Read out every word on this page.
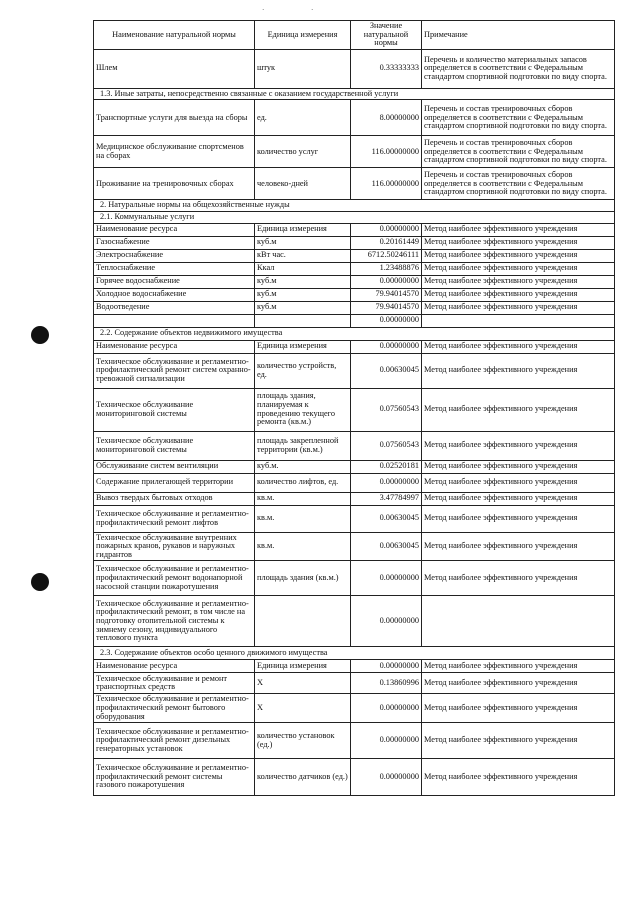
·	·
Наименование натуральной нормы	Единица измерения	Значение натуральной нормы	Примечание
Шлем	штук	0.33333333	Перечень и количество материальных запасов определяется в соответствии с Федеральным стандартом спортивной подготовки по виду спорта.
1.3. Иные затраты, непосредственно связанные с оказанием государственной услуги			
Транспортные услуги для выезда на сборы	ед.	8.00000000	Перечень и состав тренировочных сборов определяется в соответствии с Федеральным стандартом спортивной подготовки по виду спорта.
Медицинское обслуживание спортсменов на сборах	количество услуг	116.00000000	Перечень и состав тренировочных сборов определяется в соответствии с Федеральным стандартом спортивной подготовки по виду спорта.
Проживание на тренировочных сборах	человеко-дней	116.00000000	Перечень и состав тренировочных сборов определяется в соответствии с Федеральным стандартом спортивной подготовки по виду спорта.
2. Натуральные нормы на общехозяйственные нужды			
2.1. Коммунальные услуги			
Наименование ресурса	Единица измерения	0.00000000	Метод наиболее эффективного учреждения
Газоснабжение	куб.м	0.20161449	Метод наиболее эффективного учреждения
Электроснабжение	кВт час.	6712.50246111	Метод наиболее эффективного учреждения
Теплоснабжение	Ккал	1.23488876	Метод наиболее эффективного учреждения
Горячее водоснабжение	куб.м	0.00000000	Метод наиболее эффективного учреждения
Холодное водоснабжение	куб.м	79.94014570	Метод наиболее эффективного учреждения
Водоотведение	куб.м	79.94014570	Метод наиболее эффективного учреждения
		0.00000000	
2.2. Содержание объектов недвижимого имущества			
Наименование ресурса	Единица измерения	0.00000000	Метод наиболее эффективного учреждения
Техническое обслуживание и регламентно-профилактический ремонт систем охранно-тревожной сигнализации	количество устройств, ед.	0.00630045	Метод наиболее эффективного учреждения
Техническое обслуживание мониторинговой системы	площадь здания, планируемая к проведению текущего ремонта (кв.м.)	0.07560543	Метод наиболее эффективного учреждения
Техническое обслуживание мониторинговой системы	площадь закрепленной территории (кв.м.)	0.07560543	Метод наиболее эффективного учреждения
Обслуживание систем вентиляции	куб.м.	0.02520181	Метод наиболее эффективного учреждения
Содержание прилегающей территории	количество лифтов, ед.	0.00000000	Метод наиболее эффективного учреждения
Вывоз твердых бытовых отходов	кв.м.	3.47784997	Метод наиболее эффективного учреждения
Техническое обслуживание и регламентно-профилактический ремонт лифтов	кв.м.	0.00630045	Метод наиболее эффективного учреждения
Техническое обслуживание внутренних пожарных кранов, рукавов и наружных гидрантов	кв.м.	0.00630045	Метод наиболее эффективного учреждения
Техническое обслуживание и регламентно-профилактический ремонт водонапорной насосной станции пожаротушения	площадь здания (кв.м.)	0.00000000	Метод наиболее эффективного учреждения
Техническое обслуживание и регламентно-профилактический ремонт, в том числе на подготовку отопительной системы к зимнему сезону, индивидуального теплового пункта		0.00000000	
2.3. Содержание объектов особо ценного движимого имущества			
Наименование ресурса	Единица измерения	0.00000000	Метод наиболее эффективного учреждения
Техническое обслуживание и ремонт транспортных средств	Х	0.13860996	Метод наиболее эффективного учреждения
Техническое обслуживание и регламентно-профилактический ремонт бытового оборудования	Х	0.00000000	Метод наиболее эффективного учреждения
Техническое обслуживание и регламентно-профилактический ремонт дизельных генераторных установок	количество установок (ед.)	0.00000000	Метод наиболее эффективного учреждения
Техническое обслуживание и регламентно-профилактический ремонт системы газового пожаротушения	количество датчиков (ед.)	0.00000000	Метод наиболее эффективного учреждения
